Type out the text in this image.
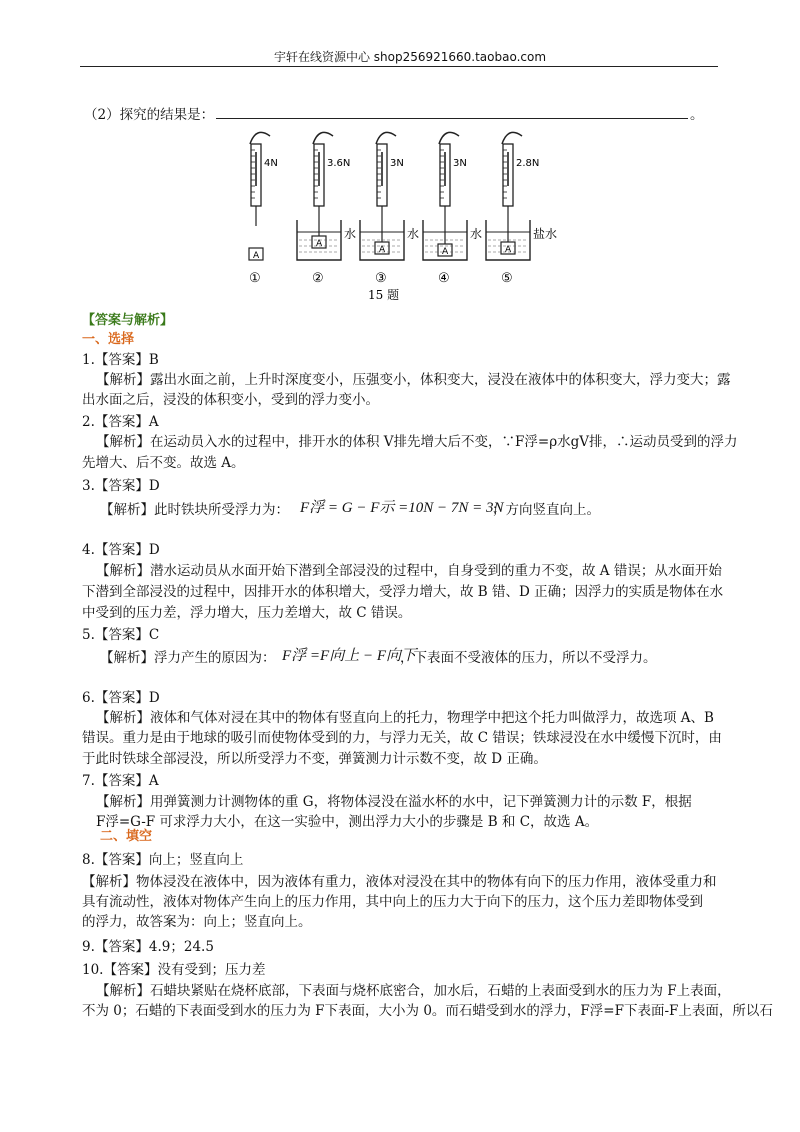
宇轩在线资源中心 shop256921660.taobao.com
（2）探究的结果是：	。
4N
A
①
3.6N
A
水
②
3N
A
水
③
3N
A
水
④
2.8N
A
盐水
⑤
15 题
【答案与解析】
一、选择
二、填空
1.【答案】B
【解析】露出水面之前，上升时深度变小，压强变小，体积变大，浸没在液体中的体积变大，浮力变大；露
出水面之后，浸没的体积变小，受到的浮力变小。
2.【答案】A
【解析】在运动员入水的过程中，排开水的体积 V排先增大后不变，∵F浮=ρ水gV排，∴运动员受到的浮力
先增大、后不变。故选 A。
3.【答案】D
【解析】此时铁块所受浮力为： F浮 = G − F示 =10N − 7N = 3N
；方向竖直向上。
4.【答案】D
【解析】潜水运动员从水面开始下潜到全部浸没的过程中，自身受到的重力不变，故 A 错误；从水面开始
下潜到全部浸没的过程中，因排开水的体积增大，受浮力增大，故 B 错、D 正确；因浮力的实质是物体在水
中受到的压力差，浮力增大，压力差增大，故 C 错误。
5.【答案】C
【解析】浮力产生的原因为： F浮 =F向上 − F向下
，下表面不受液体的压力，所以不受浮力。
6.【答案】D
【解析】液体和气体对浸在其中的物体有竖直向上的托力，物理学中把这个托力叫做浮力，故选项 A、B
错误。重力是由于地球的吸引而使物体受到的力，与浮力无关，故 C 错误；铁球浸没在水中缓慢下沉时，由
于此时铁球全部浸没，所以所受浮力不变，弹簧测力计示数不变，故 D 正确。
7.【答案】A
【解析】用弹簧测力计测物体的重 G，将物体浸没在溢水杯的水中，记下弹簧测力计的示数 F，根据
F浮=G-F 可求浮力大小，在这一实验中，测出浮力大小的步骤是 B 和 C，故选 A。
8.【答案】向上；竖直向上
【解析】物体浸没在液体中，因为液体有重力，液体对浸没在其中的物体有向下的压力作用，液体受重力和
具有流动性，液体对物体产生向上的压力作用，其中向上的压力大于向下的压力，这个压力差即物体受到
的浮力，故答案为：向上；竖直向上。
9.【答案】4.9；24.5
10.【答案】没有受到；压力差
【解析】石蜡块紧贴在烧杯底部，下表面与烧杯底密合，加水后，石蜡的上表面受到水的压力为 F上表面，
不为 0；石蜡的下表面受到水的压力为 F下表面，大小为 0。而石蜡受到水的浮力，F浮=F下表面-F上表面，所以石
